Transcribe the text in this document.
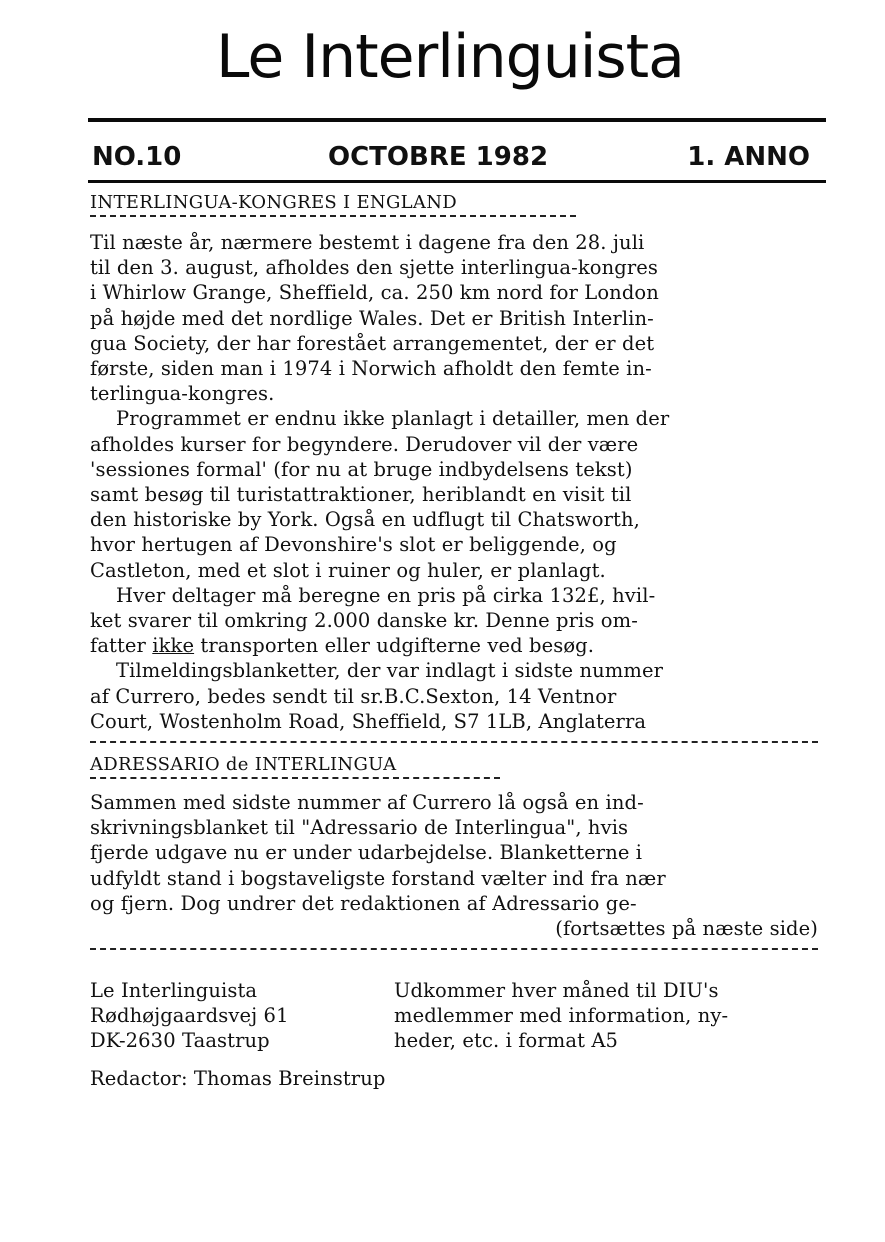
Le Interlinguista
NO.10	OCTOBRE 1982	1. ANNO
INTERLINGUA-KONGRES I ENGLAND
Til næste år, nærmere bestemt i dagene fra den 28. juli
til den 3. august, afholdes den sjette interlingua-kongres
i Whirlow Grange, Sheffield, ca. 250 km nord for London
på højde med det nordlige Wales. Det er British Interlin-
gua Society, der har forestået arrangementet, der er det
første, siden man i 1974 i Norwich afholdt den femte in-
terlingua-kongres.
Programmet er endnu ikke planlagt i detailler, men der
afholdes kurser for begyndere. Derudover vil der være
'sessiones formal' (for nu at bruge indbydelsens tekst)
samt besøg til turistattraktioner, heriblandt en visit til
den historiske by York. Også en udflugt til Chatsworth,
hvor hertugen af Devonshire's slot er beliggende, og
Castleton, med et slot i ruiner og huler, er planlagt.
Hver deltager må beregne en pris på cirka 132£, hvil-
ket svarer til omkring 2.000 danske kr. Denne pris om-
fatter ikke transporten eller udgifterne ved besøg.
Tilmeldingsblanketter, der var indlagt i sidste nummer
af Currero, bedes sendt til sr.B.C.Sexton, 14 Ventnor
Court, Wostenholm Road, Sheffield, S7 1LB, Anglaterra
ADRESSARIO de INTERLINGUA
Sammen med sidste nummer af Currero lå også en ind-
skrivningsblanket til "Adressario de Interlingua", hvis
fjerde udgave nu er under udarbejdelse. Blanketterne i
udfyldt stand i bogstaveligste forstand vælter ind fra nær
og fjern. Dog undrer det redaktionen af Adressario ge-
(fortsættes på næste side)
Le Interlinguista
Rødhøjgaardsvej 61
DK-2630 Taastrup
Udkommer hver måned til DIU's
medlemmer med information, ny-
heder, etc. i format A5
Redactor: Thomas Breinstrup
